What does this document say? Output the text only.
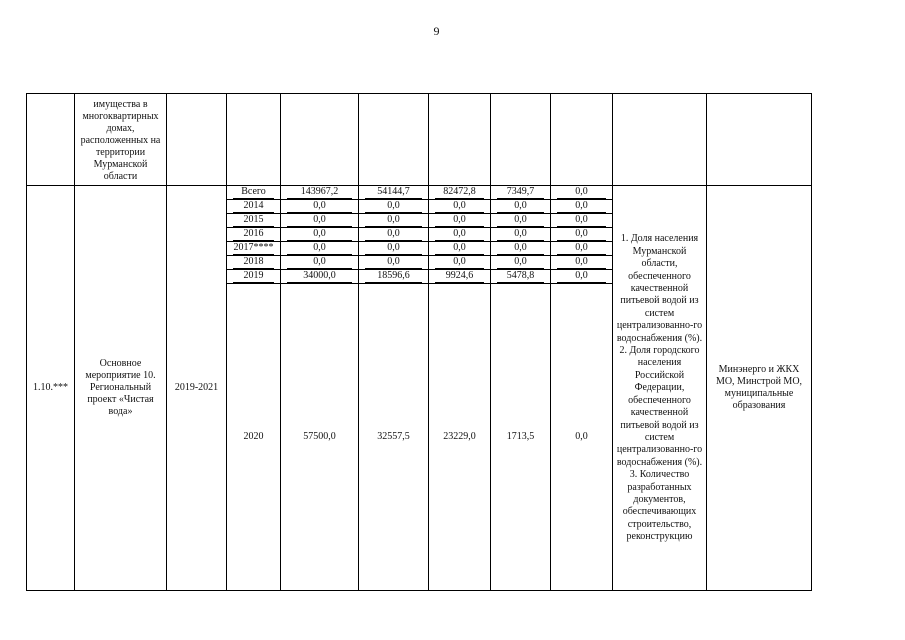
9
	имущества в многоквартирных домах, расположенных на территории Мурманской области									
1.10.***	Основное мероприятие 10. Региональный проект «Чистая вода»	2019-2021	Всего	143967,2	54144,7	82472,8	7349,7	0,0	1. Доля населения Мурманской области, обеспеченного качественной питьевой водой из систем централизованно-го водоснабжения (%). 2. Доля городского населения Российской Федерации, обеспеченного качественной питьевой водой из систем централизованно-го водоснабжения (%). 3. Количество разработанных документов, обеспечивающих строительство, реконструкцию	Минэнерго и ЖКХ МО, Минстрой МО, муниципальные образования

			2014	0,0	0,0	0,0	0,0	0,0		

			2015	0,0	0,0	0,0	0,0	0,0		

			2016	0,0	0,0	0,0	0,0	0,0		

			2017****	0,0	0,0	0,0	0,0	0,0		

			2018	0,0	0,0	0,0	0,0	0,0		

			2019	34000,0	18596,6	9924,6	5478,8	0,0		

			2020	57500,0	32557,5	23229,0	1713,5	0,0		
